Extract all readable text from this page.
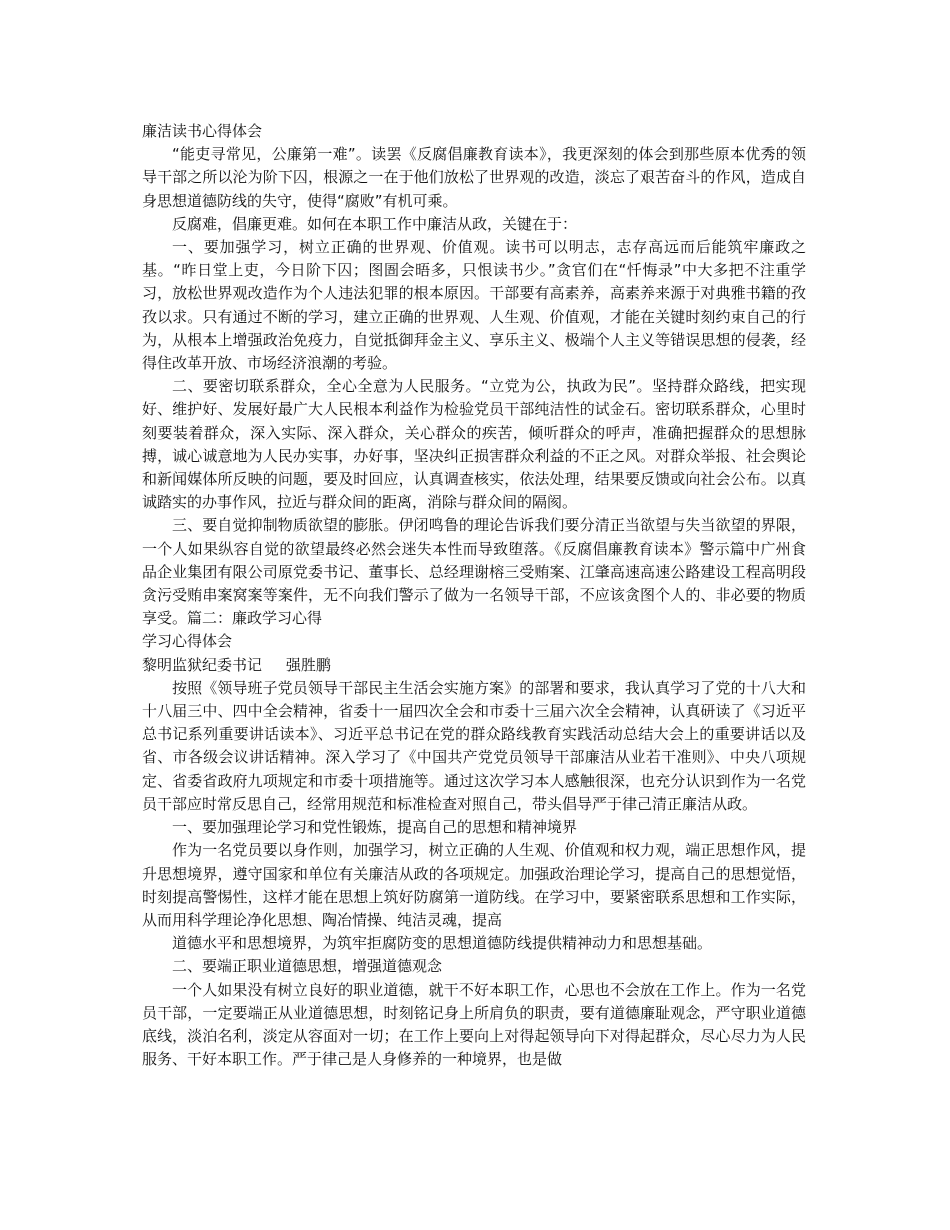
廉洁读书心得体会

“能吏寻常见，公廉第一难”。读罢《反腐倡廉教育读本》，我更深刻的体会到那些原本优秀的领导干部之所以沦为阶下囚，根源之一在于他们放松了世界观的改造，淡忘了艰苦奋斗的作风，造成自身思想道德防线的失守，使得“腐败”有机可乘。

反腐难，倡廉更难。如何在本职工作中廉洁从政，关键在于：

一、要加强学习，树立正确的世界观、价值观。读书可以明志，志存高远而后能筑牢廉政之基。“昨日堂上吏，今日阶下囚；图圄会晤多，只恨读书少。”贪官们在“忏悔录”中大多把不注重学习，放松世界观改造作为个人违法犯罪的根本原因。干部要有高素养，高素养来源于对典雅书籍的孜孜以求。只有通过不断的学习，建立正确的世界观、人生观、价值观，才能在关键时刻约束自己的行为，从根本上增强政治免疫力，自觉抵御拜金主义、享乐主义、极端个人主义等错误思想的侵袭，经得住改革开放、市场经济浪潮的考验。

二、要密切联系群众，全心全意为人民服务。“立党为公，执政为民”。坚持群众路线，把实现好、维护好、发展好最广大人民根本利益作为检验党员干部纯洁性的试金石。密切联系群众，心里时刻要装着群众，深入实际、深入群众，关心群众的疾苦，倾听群众的呼声，准确把握群众的思想脉搏，诚心诚意地为人民办实事，办好事，坚决纠正损害群众利益的不正之风。对群众举报、社会舆论和新闻媒体所反映的问题，要及时回应，认真调查核实，依法处理，结果要反馈或向社会公布。以真诚踏实的办事作风，拉近与群众间的距离，消除与群众间的隔阂。

三、要自觉抑制物质欲望的膨胀。伊闭鸣鲁的理论告诉我们要分清正当欲望与失当欲望的界限，一个人如果纵容自觉的欲望最终必然会迷失本性而导致堕落。《反腐倡廉教育读本》警示篇中广州食品企业集团有限公司原党委书记、董事长、总经理谢榕三受贿案、江肇高速高速公路建设工程高明段贪污受贿串案窝案等案件，无不向我们警示了做为一名领导干部，不应该贪图个人的、非必要的物质享受。篇二：廉政学习心得

学习心得体会

黎明监狱纪委书记     强胜鹏

按照《领导班子党员领导干部民主生活会实施方案》的部署和要求，我认真学习了党的十八大和十八届三中、四中全会精神，省委十一届四次全会和市委十三届六次全会精神，认真研读了《习近平总书记系列重要讲话读本》、习近平总书记在党的群众路线教育实践活动总结大会上的重要讲话以及省、市各级会议讲话精神。深入学习了《中国共产党党员领导干部廉洁从业若干准则》、中央八项规定、省委省政府九项规定和市委十项措施等。通过这次学习本人感触很深，也充分认识到作为一名党员干部应时常反思自己，经常用规范和标准检查对照自己，带头倡导严于律己清正廉洁从政。

一、要加强理论学习和党性锻炼，提高自己的思想和精神境界

作为一名党员要以身作则，加强学习，树立正确的人生观、价值观和权力观，端正思想作风，提升思想境界，遵守国家和单位有关廉洁从政的各项规定。加强政治理论学习，提高自己的思想觉悟，时刻提高警惕性，这样才能在思想上筑好防腐第一道防线。在学习中，要紧密联系思想和工作实际，从而用科学理论净化思想、陶冶情操、纯洁灵魂，提高

道德水平和思想境界，为筑牢拒腐防变的思想道德防线提供精神动力和思想基础。

二、要端正职业道德思想，增强道德观念

一个人如果没有树立良好的职业道德，就干不好本职工作，心思也不会放在工作上。作为一名党员干部，一定要端正从业道德思想，时刻铭记身上所肩负的职责，要有道德廉耻观念，严守职业道德底线，淡泊名利，淡定从容面对一切；在工作上要向上对得起领导向下对得起群众，尽心尽力为人民服务、干好本职工作。严于律己是人身修养的一种境界，也是做
